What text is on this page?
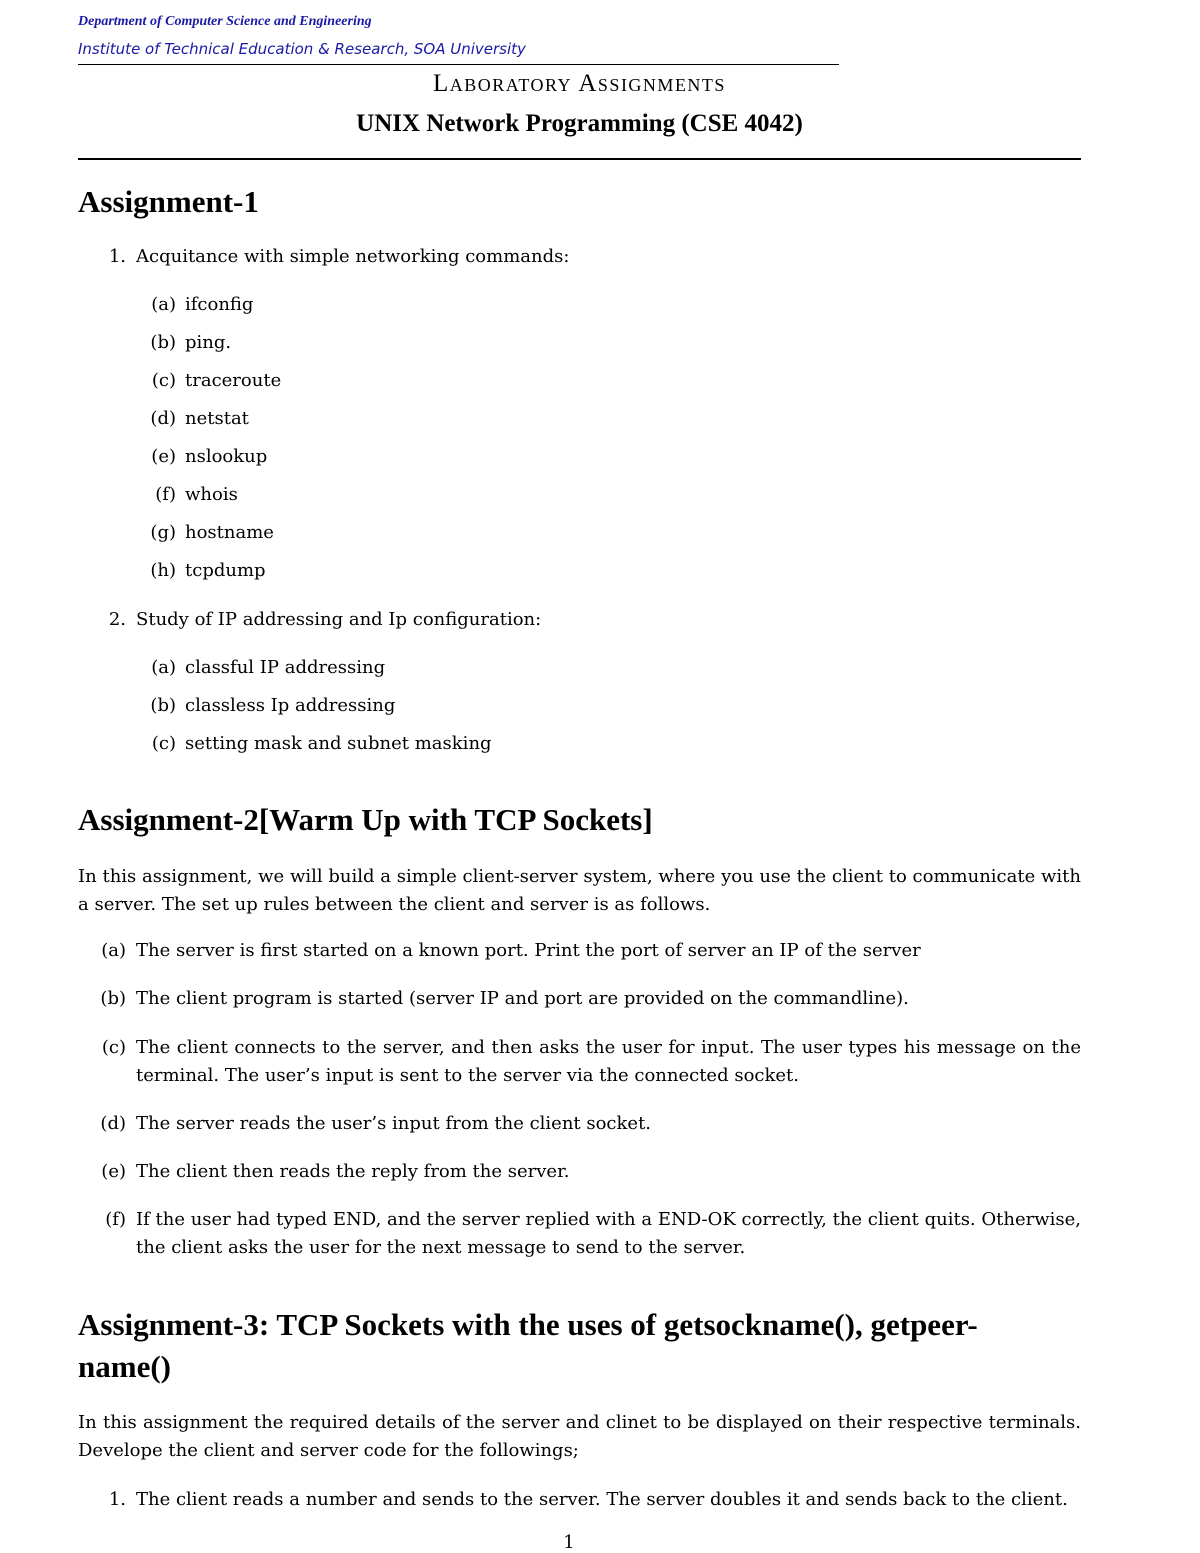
Department of Computer Science and Engineering
Institute of Technical Education & Research, SOA University
Laboratory Assignments
UNIX Network Programming (CSE 4042)
Assignment-1
1. Acquitance with simple networking commands:
(a) ifconfig
(b) ping.
(c) traceroute
(d) netstat
(e) nslookup
(f) whois
(g) hostname
(h) tcpdump
2. Study of IP addressing and Ip configuration:
(a) classful IP addressing
(b) classless Ip addressing
(c) setting mask and subnet masking
Assignment-2[Warm Up with TCP Sockets]
In this assignment, we will build a simple client-server system, where you use the client to communicate with a server. The set up rules between the client and server is as follows.
(a) The server is first started on a known port. Print the port of server an IP of the server
(b) The client program is started (server IP and port are provided on the commandline).
(c) The client connects to the server, and then asks the user for input. The user types his message on the terminal. The user’s input is sent to the server via the connected socket.
(d) The server reads the user’s input from the client socket.
(e) The client then reads the reply from the server.
(f) If the user had typed END, and the server replied with a END-OK correctly, the client quits. Otherwise, the client asks the user for the next message to send to the server.
Assignment-3: TCP Sockets with the uses of getsockname(), getpeer-
name()
In this assignment the required details of the server and clinet to be displayed on their respective terminals. Develope the client and server code for the followings;
1. The client reads a number and sends to the server. The server doubles it and sends back to the client.
1
